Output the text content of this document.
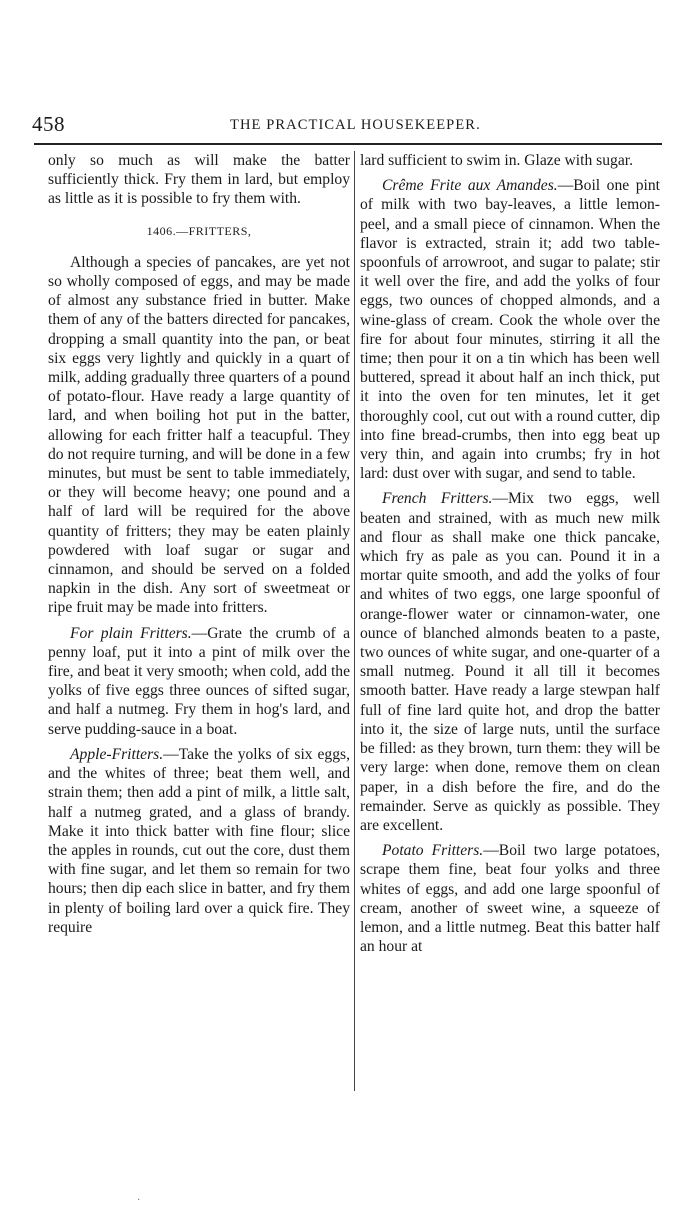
458	THE PRACTICAL HOUSEKEEPER.

only so much as will make the batter sufficiently thick. Fry them in lard, but employ as little as it is possible to fry them with.

1406.—FRITTERS,

Although a species of pancakes, are yet not so wholly composed of eggs, and may be made of almost any substance fried in butter. Make them of any of the batters directed for pancakes, dropping a small quantity into the pan, or beat six eggs very lightly and quickly in a quart of milk, adding gradually three quarters of a pound of potato-flour. Have ready a large quantity of lard, and when boiling hot put in the batter, allowing for each fritter half a teacupful. They do not require turning, and will be done in a few minutes, but must be sent to table immediately, or they will become heavy; one pound and a half of lard will be required for the above quantity of fritters; they may be eaten plainly powdered with loaf sugar or sugar and cinnamon, and should be served on a folded napkin in the dish. Any sort of sweetmeat or ripe fruit may be made into fritters.

For plain Fritters.—Grate the crumb of a penny loaf, put it into a pint of milk over the fire, and beat it very smooth; when cold, add the yolks of five eggs three ounces of sifted sugar, and half a nutmeg. Fry them in hog's lard, and serve pudding-sauce in a boat.

Apple-Fritters.—Take the yolks of six eggs, and the whites of three; beat them well, and strain them; then add a pint of milk, a little salt, half a nutmeg grated, and a glass of brandy. Make it into thick batter with fine flour; slice the apples in rounds, cut out the core, dust them with fine sugar, and let them so remain for two hours; then dip each slice in batter, and fry them in plenty of boiling lard over a quick fire. They require

lard sufficient to swim in. Glaze with sugar.

Crême Frite aux Amandes.—Boil one pint of milk with two bay-leaves, a little lemon-peel, and a small piece of cinnamon. When the flavor is extracted, strain it; add two table-spoonfuls of arrowroot, and sugar to palate; stir it well over the fire, and add the yolks of four eggs, two ounces of chopped almonds, and a wine-glass of cream. Cook the whole over the fire for about four minutes, stirring it all the time; then pour it on a tin which has been well buttered, spread it about half an inch thick, put it into the oven for ten minutes, let it get thoroughly cool, cut out with a round cutter, dip into fine bread-crumbs, then into egg beat up very thin, and again into crumbs; fry in hot lard: dust over with sugar, and send to table.

French Fritters.—Mix two eggs, well beaten and strained, with as much new milk and flour as shall make one thick pancake, which fry as pale as you can. Pound it in a mortar quite smooth, and add the yolks of four and whites of two eggs, one large spoonful of orange-flower water or cinnamon-water, one ounce of blanched almonds beaten to a paste, two ounces of white sugar, and one-quarter of a small nutmeg. Pound it all till it becomes smooth batter. Have ready a large stewpan half full of fine lard quite hot, and drop the batter into it, the size of large nuts, until the surface be filled: as they brown, turn them: they will be very large: when done, remove them on clean paper, in a dish before the fire, and do the remainder. Serve as quickly as possible. They are excellent.

Potato Fritters.—Boil two large potatoes, scrape them fine, beat four yolks and three whites of eggs, and add one large spoonful of cream, another of sweet wine, a squeeze of lemon, and a little nutmeg. Beat this batter half an hour at

·
